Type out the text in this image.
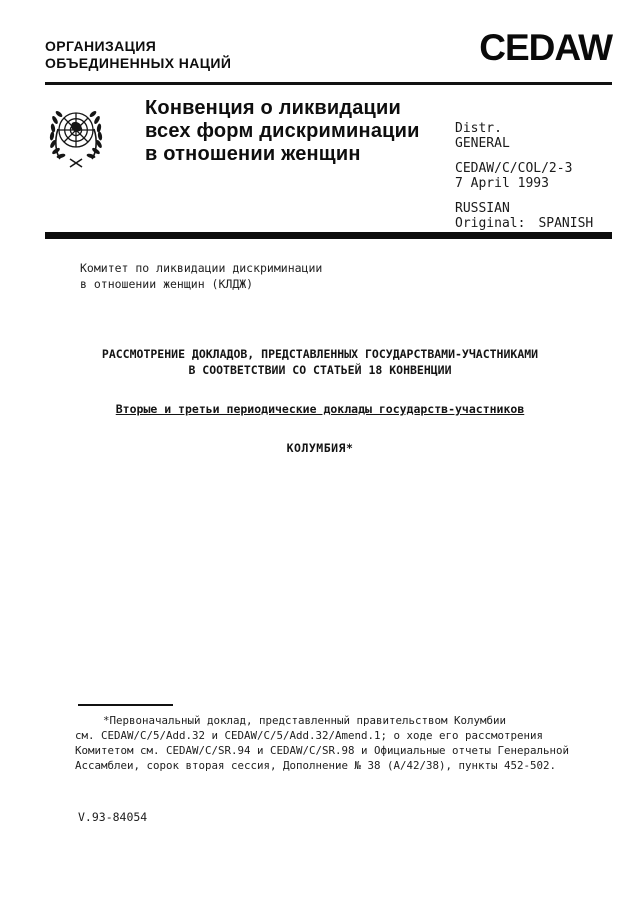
ОРГАНИЗАЦИЯ
ОБЪЕДИНЕННЫХ НАЦИЙ	CEDAW
Конвенция о ликвидации
всех форм дискриминации
в отношении женщин
Distr.
GENERAL
CEDAW/C/COL/2-3
7 April 1993
RUSSIAN
Original: SPANISH
Комитет по ликвидации дискриминации
в отношении женщин (КЛДЖ)
РАССМОТРЕНИЕ ДОКЛАДОВ, ПРЕДСТАВЛЕННЫХ ГОСУДАРСТВАМИ-УЧАСТНИКАМИ
В СООТВЕТСТВИИ СО СТАТЬЕЙ 18 КОНВЕНЦИИ
Вторые и третьи периодические доклады государств-участников
КОЛУМБИЯ*
*Первоначальный доклад, представленный правительством Колумбии
см. CEDAW/C/5/Add.32 и CEDAW/C/5/Add.32/Amend.1; о ходе его рассмотрения
Комитетом см. CEDAW/C/SR.94 и CEDAW/C/SR.98 и Официальные отчеты Генеральной
Ассамблеи, сорок вторая сессия, Дополнение № 38 (А/42/38), пункты 452-502.
V.93-84054
